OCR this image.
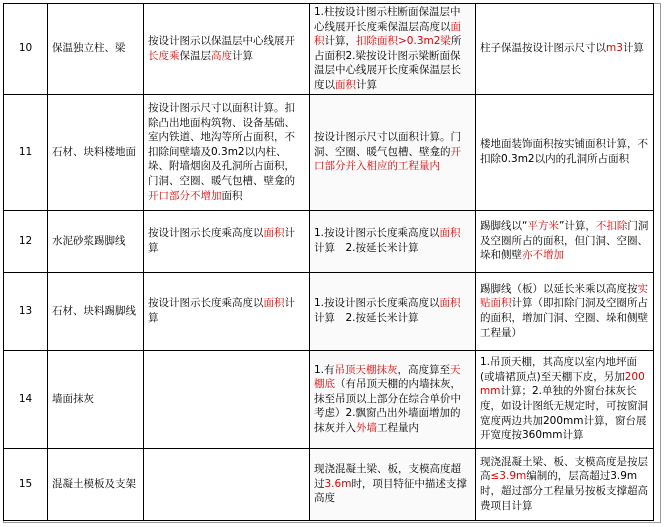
10	保温独立柱、梁	按设计图示以保温层中心线展开长度乘保温层高度计算	1.柱按设计图示柱断面保温层中心线展开长度乘保温层高度以面积计算，扣除面积>0.3m2梁所占面积2.梁按设计图示梁断面保温层中心线展开长度乘保温层长度以面积计算	柱子保温按设计图示尺寸以m3计算
11	石材、块料楼地面	按设计图示尺寸以面积计算。扣除凸出地面构筑物、设备基础、室内铁道、地沟等所占面积，不扣除间壁墙及0.3m2以内柱、垛、附墙烟囱及孔洞所占面积，门洞、空圈、暖气包槽、壁龛的开口部分不增加面积	按设计图示尺寸以面积计算。门洞、空圈、暖气包槽、壁龛的开口部分并入相应的工程量内	楼地面装饰面积按实铺面积计算，不扣除0.3m2以内的孔洞所占面积
12	水泥砂浆踢脚线	按设计图示长度乘高度以面积计算	1.按设计图示长度乘高度以面积计算　2.按延长米计算	踢脚线以“平方米”计算，不扣除门洞及空圈所占的面积，但门洞、空圈、垛和侧壁亦不增加
13	石材、块料踢脚线	按设计图示长度乘高度以面积计算	1.按设计图示长度乘高度以面积计算　2.按延长米计算	踢脚线（板）以延长米乘以高度按实贴面积计算（即扣除门洞及空圈所占的面积，增加门洞、空圈、垛和侧壁工程量）
14	墙面抹灰		1.有吊顶天棚抹灰，高度算至天棚底（有吊顶天棚的内墙抹灰，抹至吊顶以上部分在综合单价中考虑）2.飘窗凸出外墙面增加的抹灰并入外墙工程量内	1.吊顶天棚，其高度以室内地坪面(或墙裙顶点)至天棚下皮，另加200mm计算；2.单独的外窗台抹灰长度，如设计图纸无规定时，可按窗洞宽度两边共加200mm计算，窗台展开宽度按360mm计算
15	混凝土模板及支架		现浇混凝土梁、板，支模高度超过3.6m时，项目特征中描述支撑高度	现浇混凝土梁、板、支模高度是按层高≤3.9m编制的，层高超过3.9m时，超过部分工程量另按板支撑超高费项目计算
